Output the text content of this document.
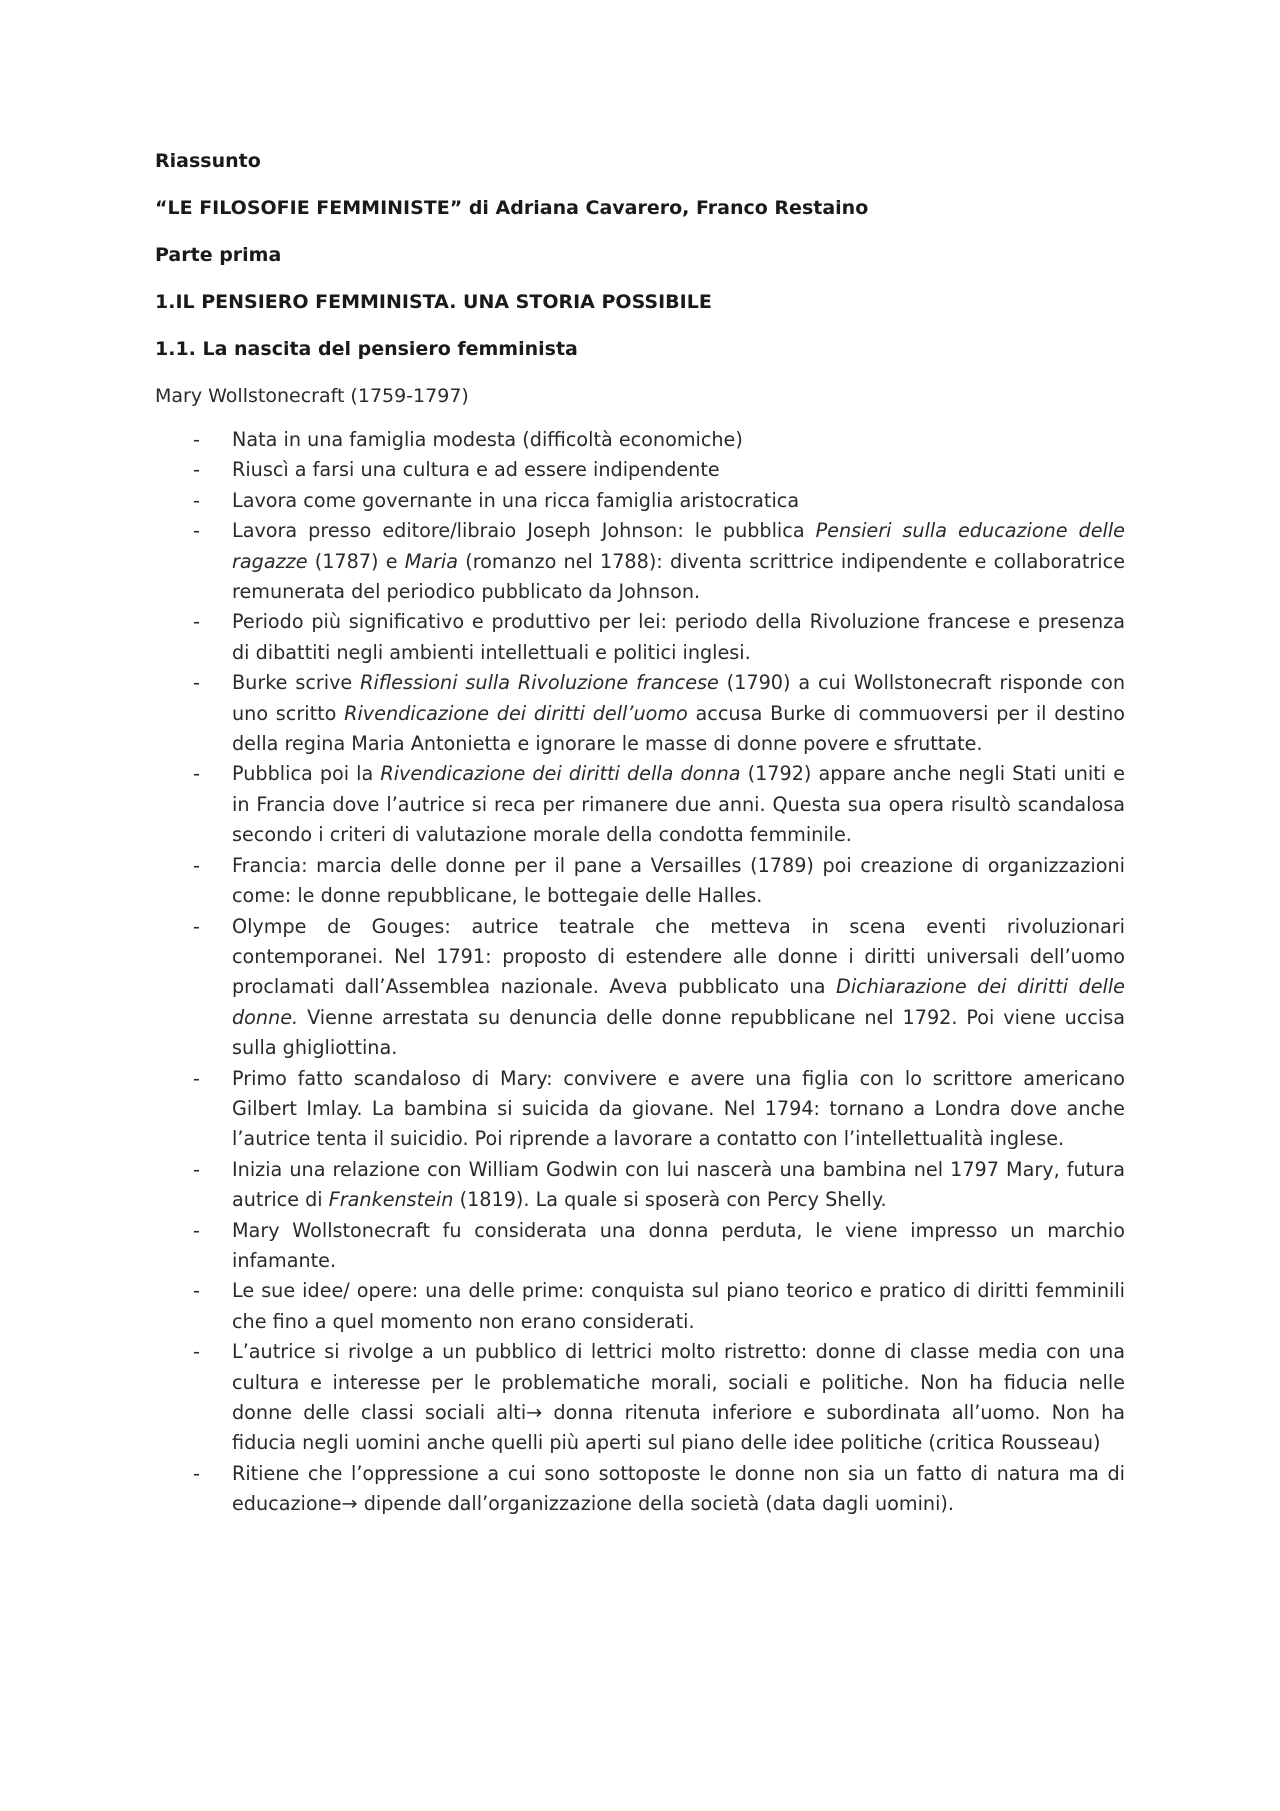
Riassunto
“LE FILOSOFIE FEMMINISTE” di Adriana Cavarero, Franco Restaino
Parte prima
1.IL PENSIERO FEMMINISTA. UNA STORIA POSSIBILE
1.1. La nascita del pensiero femminista
Mary Wollstonecraft (1759-1797)
- Nata in una famiglia modesta (difficoltà economiche)
- Riuscì a farsi una cultura e ad essere indipendente
- Lavora come governante in una ricca famiglia aristocratica
- Lavora presso editore/libraio Joseph Johnson: le pubblica Pensieri sulla educazione delle ragazze (1787) e Maria (romanzo nel 1788): diventa scrittrice indipendente e collaboratrice remunerata del periodico pubblicato da Johnson.
- Periodo più significativo e produttivo per lei: periodo della Rivoluzione francese e presenza di dibattiti negli ambienti intellettuali e politici inglesi.
- Burke scrive Riflessioni sulla Rivoluzione francese (1790) a cui Wollstonecraft risponde con uno scritto Rivendicazione dei diritti dell’uomo accusa Burke di commuoversi per il destino della regina Maria Antonietta e ignorare le masse di donne povere e sfruttate.
- Pubblica poi la Rivendicazione dei diritti della donna (1792) appare anche negli Stati uniti e in Francia dove l’autrice si reca per rimanere due anni. Questa sua opera risultò scandalosa secondo i criteri di valutazione morale della condotta femminile.
- Francia: marcia delle donne per il pane a Versailles (1789) poi creazione di organizzazioni come: le donne repubblicane, le bottegaie delle Halles.
- Olympe de Gouges: autrice teatrale che metteva in scena eventi rivoluzionari contemporanei. Nel 1791: proposto di estendere alle donne i diritti universali dell’uomo proclamati dall’Assemblea nazionale. Aveva pubblicato una Dichiarazione dei diritti delle donne. Vienne arrestata su denuncia delle donne repubblicane nel 1792. Poi viene uccisa sulla ghigliottina.
- Primo fatto scandaloso di Mary: convivere e avere una figlia con lo scrittore americano Gilbert Imlay. La bambina si suicida da giovane. Nel 1794: tornano a Londra dove anche l’autrice tenta il suicidio. Poi riprende a lavorare a contatto con l’intellettualità inglese.
- Inizia una relazione con William Godwin con lui nascerà una bambina nel 1797 Mary, futura autrice di Frankenstein (1819). La quale si sposerà con Percy Shelly.
- Mary Wollstonecraft fu considerata una donna perduta, le viene impresso un marchio infamante.
- Le sue idee/ opere: una delle prime: conquista sul piano teorico e pratico di diritti femminili che fino a quel momento non erano considerati.
- L’autrice si rivolge a un pubblico di lettrici molto ristretto: donne di classe media con una cultura e interesse per le problematiche morali, sociali e politiche. Non ha fiducia nelle donne delle classi sociali alti→ donna ritenuta inferiore e subordinata all’uomo. Non ha fiducia negli uomini anche quelli più aperti sul piano delle idee politiche (critica Rousseau)
- Ritiene che l’oppressione a cui sono sottoposte le donne non sia un fatto di natura ma di educazione→ dipende dall’organizzazione della società (data dagli uomini).
